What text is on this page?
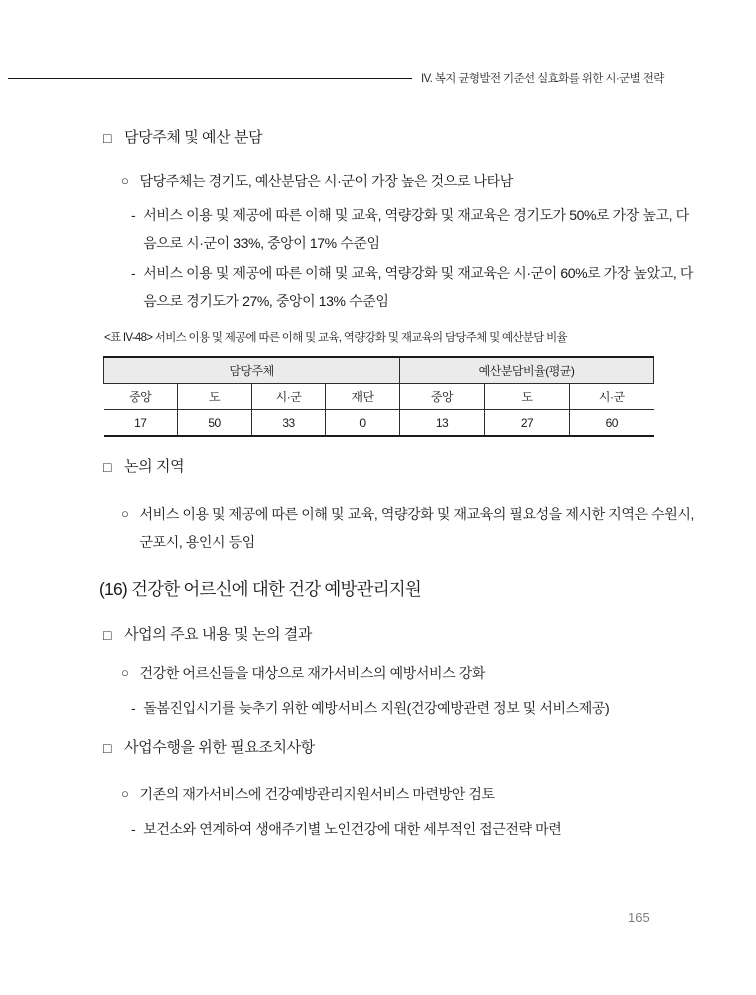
IV. 복지 균형발전 기준선 실효화를 위한 시·군별 전략
□ 담당주체 및 예산 분담
○ 담당주체는 경기도, 예산분담은 시·군이 가장 높은 것으로 나타남
- 서비스 이용 및 제공에 따른 이해 및 교육, 역량강화 및 재교육은 경기도가 50%로 가장 높고, 다음으로 시·군이 33%, 중앙이 17% 수준임
- 서비스 이용 및 제공에 따른 이해 및 교육, 역량강화 및 재교육은 시·군이 60%로 가장 높았고, 다음으로 경기도가 27%, 중앙이 13% 수준임
<표 IV-48> 서비스 이용 및 제공에 따른 이해 및 교육, 역량강화 및 재교육의 담당주체 및 예산분담 비율
담당주체				예산분담비율(평균)		
중앙	도	시·군	재단	중앙	도	시·군
17	50	33	0	13	27	60
□ 논의 지역
○ 서비스 이용 및 제공에 따른 이해 및 교육, 역량강화 및 재교육의 필요성을 제시한 지역은 수원시, 군포시, 용인시 등임
(16) 건강한 어르신에 대한 건강 예방관리지원
□ 사업의 주요 내용 및 논의 결과
○ 건강한 어르신들을 대상으로 재가서비스의 예방서비스 강화
- 돌봄진입시기를 늦추기 위한 예방서비스 지원(건강예방관련 정보 및 서비스제공)
□ 사업수행을 위한 필요조치사항
○ 기존의 재가서비스에 건강예방관리지원서비스 마련방안 검토
- 보건소와 연계하여 생애주기별 노인건강에 대한 세부적인 접근전략 마련
165
